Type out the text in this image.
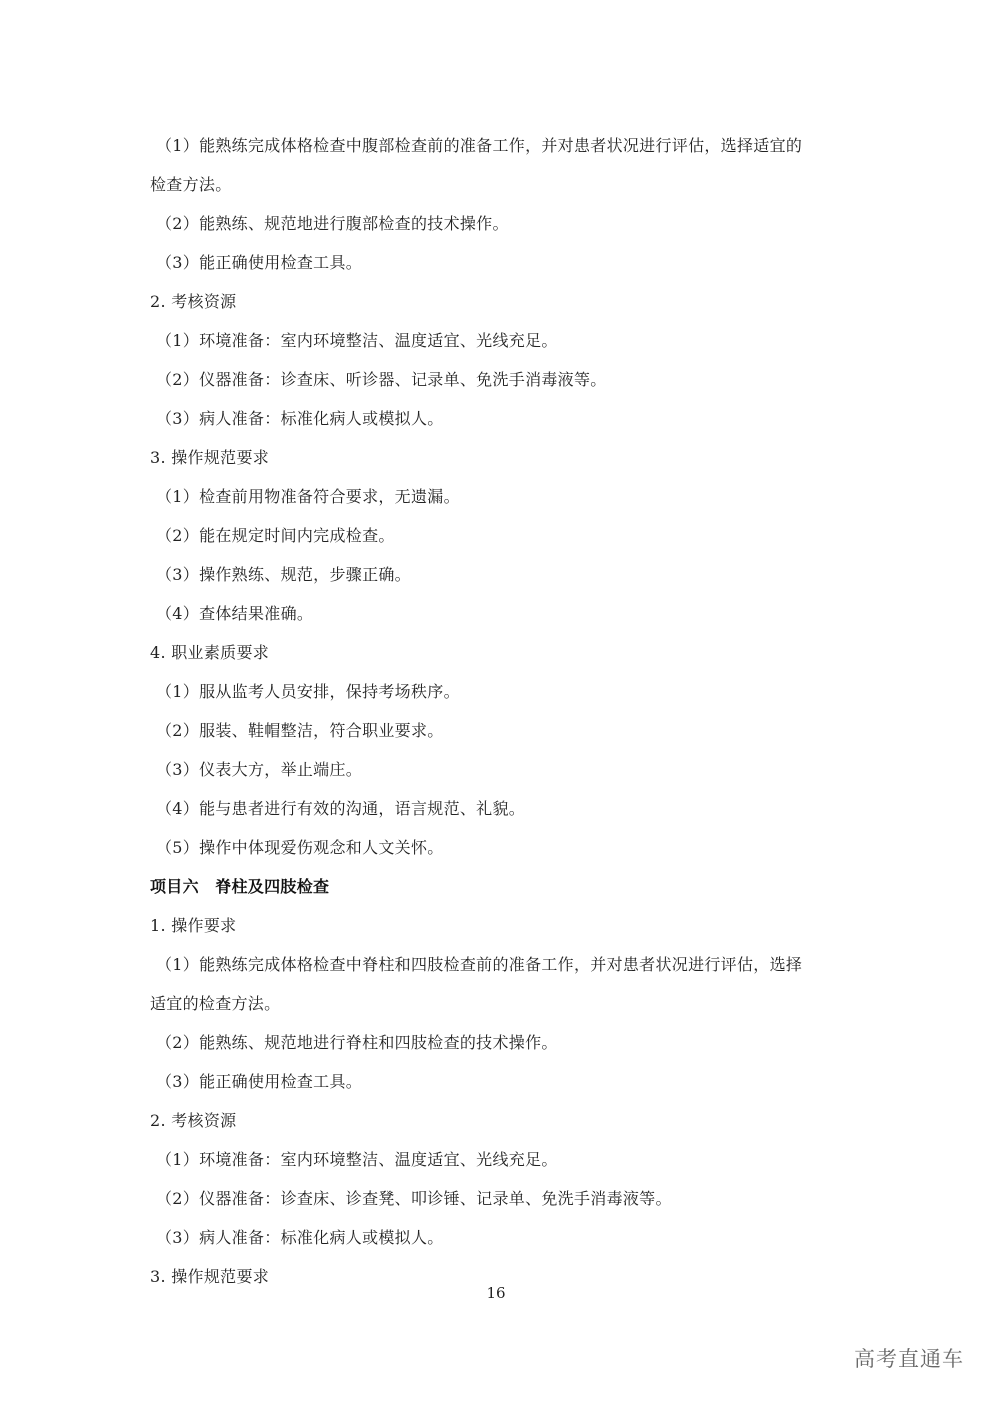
（1）能熟练完成体格检查中腹部检查前的准备工作，并对患者状况进行评估，选择适宜的
检查方法。
（2）能熟练、规范地进行腹部检查的技术操作。
（3）能正确使用检查工具。
2. 考核资源
（1）环境准备：室内环境整洁、温度适宜、光线充足。
（2）仪器准备：诊查床、听诊器、记录单、免洗手消毒液等。
（3）病人准备：标准化病人或模拟人。
3. 操作规范要求
（1）检查前用物准备符合要求，无遗漏。
（2）能在规定时间内完成检查。
（3）操作熟练、规范，步骤正确。
（4）查体结果准确。
4. 职业素质要求
（1）服从监考人员安排，保持考场秩序。
（2）服装、鞋帽整洁，符合职业要求。
（3）仪表大方，举止端庄。
（4）能与患者进行有效的沟通，语言规范、礼貌。
（5）操作中体现爱伤观念和人文关怀。
项目六　脊柱及四肢检查
1. 操作要求
（1）能熟练完成体格检查中脊柱和四肢检查前的准备工作，并对患者状况进行评估，选择
适宜的检查方法。
（2）能熟练、规范地进行脊柱和四肢检查的技术操作。
（3）能正确使用检查工具。
2. 考核资源
（1）环境准备：室内环境整洁、温度适宜、光线充足。
（2）仪器准备：诊查床、诊查凳、叩诊锤、记录单、免洗手消毒液等。
（3）病人准备：标准化病人或模拟人。
3. 操作规范要求
16
高考直通车
